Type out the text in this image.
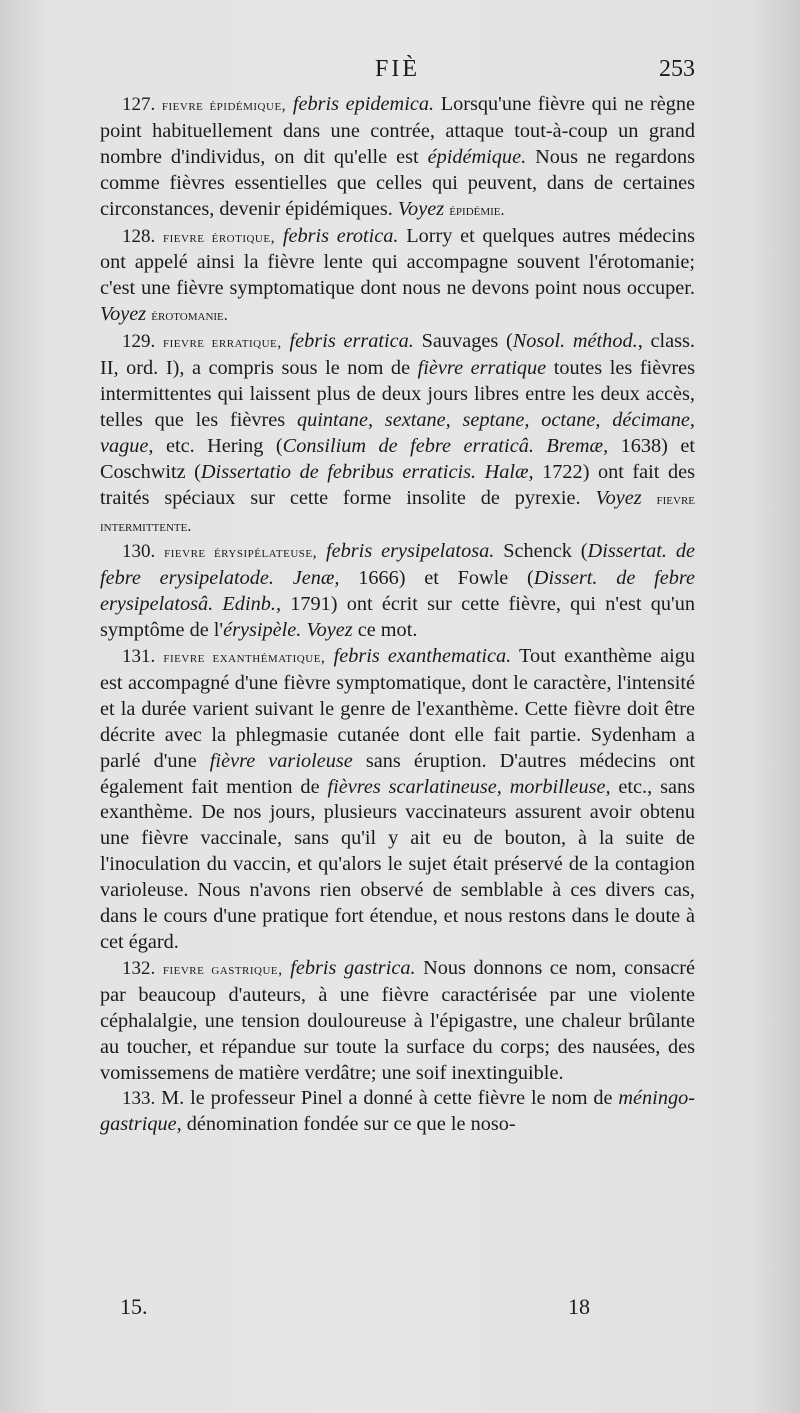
FIÈ	253

127. fievre épidémique, febris epidemica. Lorsqu'une fièvre qui ne règne point habituellement dans une contrée, attaque tout-à-coup un grand nombre d'individus, on dit qu'elle est épidémique. Nous ne regardons comme fièvres essentielles que celles qui peuvent, dans de certaines circonstances, devenir épidémiques. Voyez épidémie.

128. fievre érotique, febris erotica. Lorry et quelques autres médecins ont appelé ainsi la fièvre lente qui accompagne souvent l'érotomanie; c'est une fièvre symptomatique dont nous ne devons point nous occuper. Voyez érotomanie.

129. fievre erratique, febris erratica. Sauvages (Nosol. méthod., class. II, ord. I), a compris sous le nom de fièvre erratique toutes les fièvres intermittentes qui laissent plus de deux jours libres entre les deux accès, telles que les fièvres quintane, sextane, septane, octane, décimane, vague, etc. Hering (Consilium de febre erraticâ. Bremæ, 1638) et Coschwitz (Dissertatio de febribus erraticis. Halæ, 1722) ont fait des traités spéciaux sur cette forme insolite de pyrexie. Voyez fievre intermittente.

130. fievre érysipélateuse, febris erysipelatosa. Schenck (Dissertat. de febre erysipelatode. Jenæ, 1666) et Fowle (Dissert. de febre erysipelatosâ. Edinb., 1791) ont écrit sur cette fièvre, qui n'est qu'un symptôme de l'érysipèle. Voyez ce mot.

131. fievre exanthématique, febris exanthematica. Tout exanthème aigu est accompagné d'une fièvre symptomatique, dont le caractère, l'intensité et la durée varient suivant le genre de l'exanthème. Cette fièvre doit être décrite avec la phlegmasie cutanée dont elle fait partie. Sydenham a parlé d'une fièvre varioleuse sans éruption. D'autres médecins ont également fait mention de fièvres scarlatineuse, morbilleuse, etc., sans exanthème. De nos jours, plusieurs vaccinateurs assurent avoir obtenu une fièvre vaccinale, sans qu'il y ait eu de bouton, à la suite de l'inoculation du vaccin, et qu'alors le sujet était préservé de la contagion varioleuse. Nous n'avons rien observé de semblable à ces divers cas, dans le cours d'une pratique fort étendue, et nous restons dans le doute à cet égard.

132. fievre gastrique, febris gastrica. Nous donnons ce nom, consacré par beaucoup d'auteurs, à une fièvre caractérisée par une violente céphalalgie, une tension douloureuse à l'épigastre, une chaleur brûlante au toucher, et répandue sur toute la surface du corps; des nausées, des vomissemens de matière verdâtre; une soif inextinguible.

133. M. le professeur Pinel a donné à cette fièvre le nom de méningo-gastrique, dénomination fondée sur ce que le noso-

15.	18
